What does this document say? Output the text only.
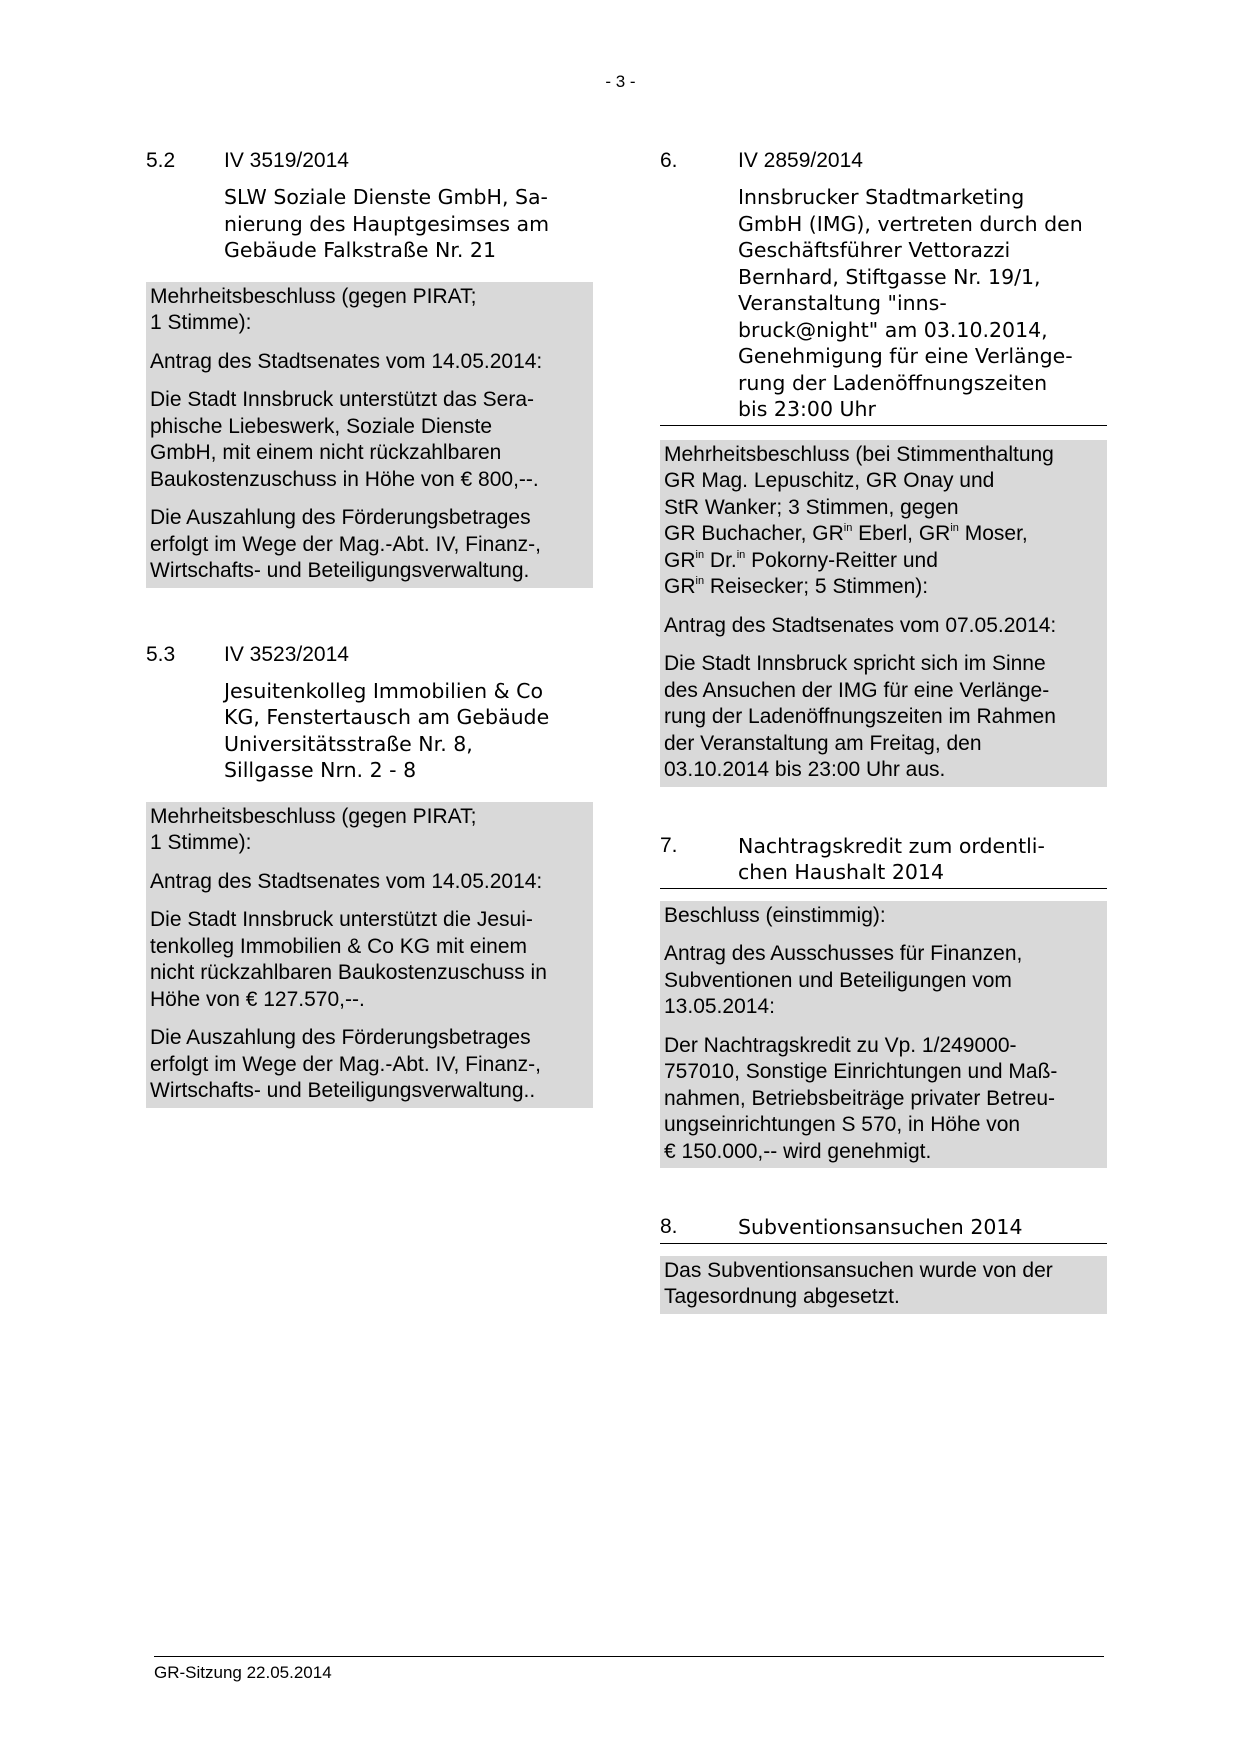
- 3 -
5.2	IV 3519/2014
SLW Soziale Dienste GmbH, Sa-
nierung des Hauptgesimses am
Gebäude Falkstraße Nr. 21

Mehrheitsbeschluss (gegen PIRAT;
1 Stimme):

Antrag des Stadtsenates vom 14.05.2014:

Die Stadt Innsbruck unterstützt das Sera-
phische Liebeswerk, Soziale Dienste
GmbH, mit einem nicht rückzahlbaren
Baukostenzuschuss in Höhe von € 800,--.

Die Auszahlung des Förderungsbetrages
erfolgt im Wege der Mag.-Abt. IV, Finanz-,
Wirtschafts- und Beteiligungsverwaltung.

5.3	IV 3523/2014
Jesuitenkolleg Immobilien & Co
KG, Fenstertausch am Gebäude
Universitätsstraße Nr. 8,
Sillgasse Nrn. 2 - 8

Mehrheitsbeschluss (gegen PIRAT;
1 Stimme):

Antrag des Stadtsenates vom 14.05.2014:

Die Stadt Innsbruck unterstützt die Jesui-
tenkolleg Immobilien & Co KG mit einem
nicht rückzahlbaren Baukostenzuschuss in
Höhe von € 127.570,--.

Die Auszahlung des Förderungsbetrages
erfolgt im Wege der Mag.-Abt. IV, Finanz-,
Wirtschafts- und Beteiligungsverwaltung..

6.	IV 2859/2014
Innsbrucker Stadtmarketing
GmbH (IMG), vertreten durch den
Geschäftsführer Vettorazzi
Bernhard, Stiftgasse Nr. 19/1,
Veranstaltung "inns-
bruck@night" am 03.10.2014,
Genehmigung für eine Verlänge-
rung der Ladenöffnungszeiten
bis 23:00 Uhr

Mehrheitsbeschluss (bei Stimmenthaltung
GR Mag. Lepuschitz, GR Onay und
StR Wanker; 3 Stimmen, gegen
GR Buchacher, $GR^{in}$ Eberl, $GR^{in}$ Moser,
$GR^{in}$ Dr.$^{in}$ Pokorny-Reitter und
$GR^{in}$ Reisecker; 5 Stimmen):

Antrag des Stadtsenates vom 07.05.2014:

Die Stadt Innsbruck spricht sich im Sinne
des Ansuchen der IMG für eine Verlänge-
rung der Ladenöffnungszeiten im Rahmen
der Veranstaltung am Freitag, den
03.10.2014 bis 23:00 Uhr aus.

7.	Nachtragskredit zum ordentli-
chen Haushalt 2014

Beschluss (einstimmig):

Antrag des Ausschusses für Finanzen,
Subventionen und Beteiligungen vom
13.05.2014:

Der Nachtragskredit zu Vp. 1/249000-
757010, Sonstige Einrichtungen und Maß-
nahmen, Betriebsbeiträge privater Betreu-
ungseinrichtungen S 570, in Höhe von
€ 150.000,-- wird genehmigt.

8.	Subventionsansuchen 2014

Das Subventionsansuchen wurde von der
Tagesordnung abgesetzt.

GR-Sitzung 22.05.2014
